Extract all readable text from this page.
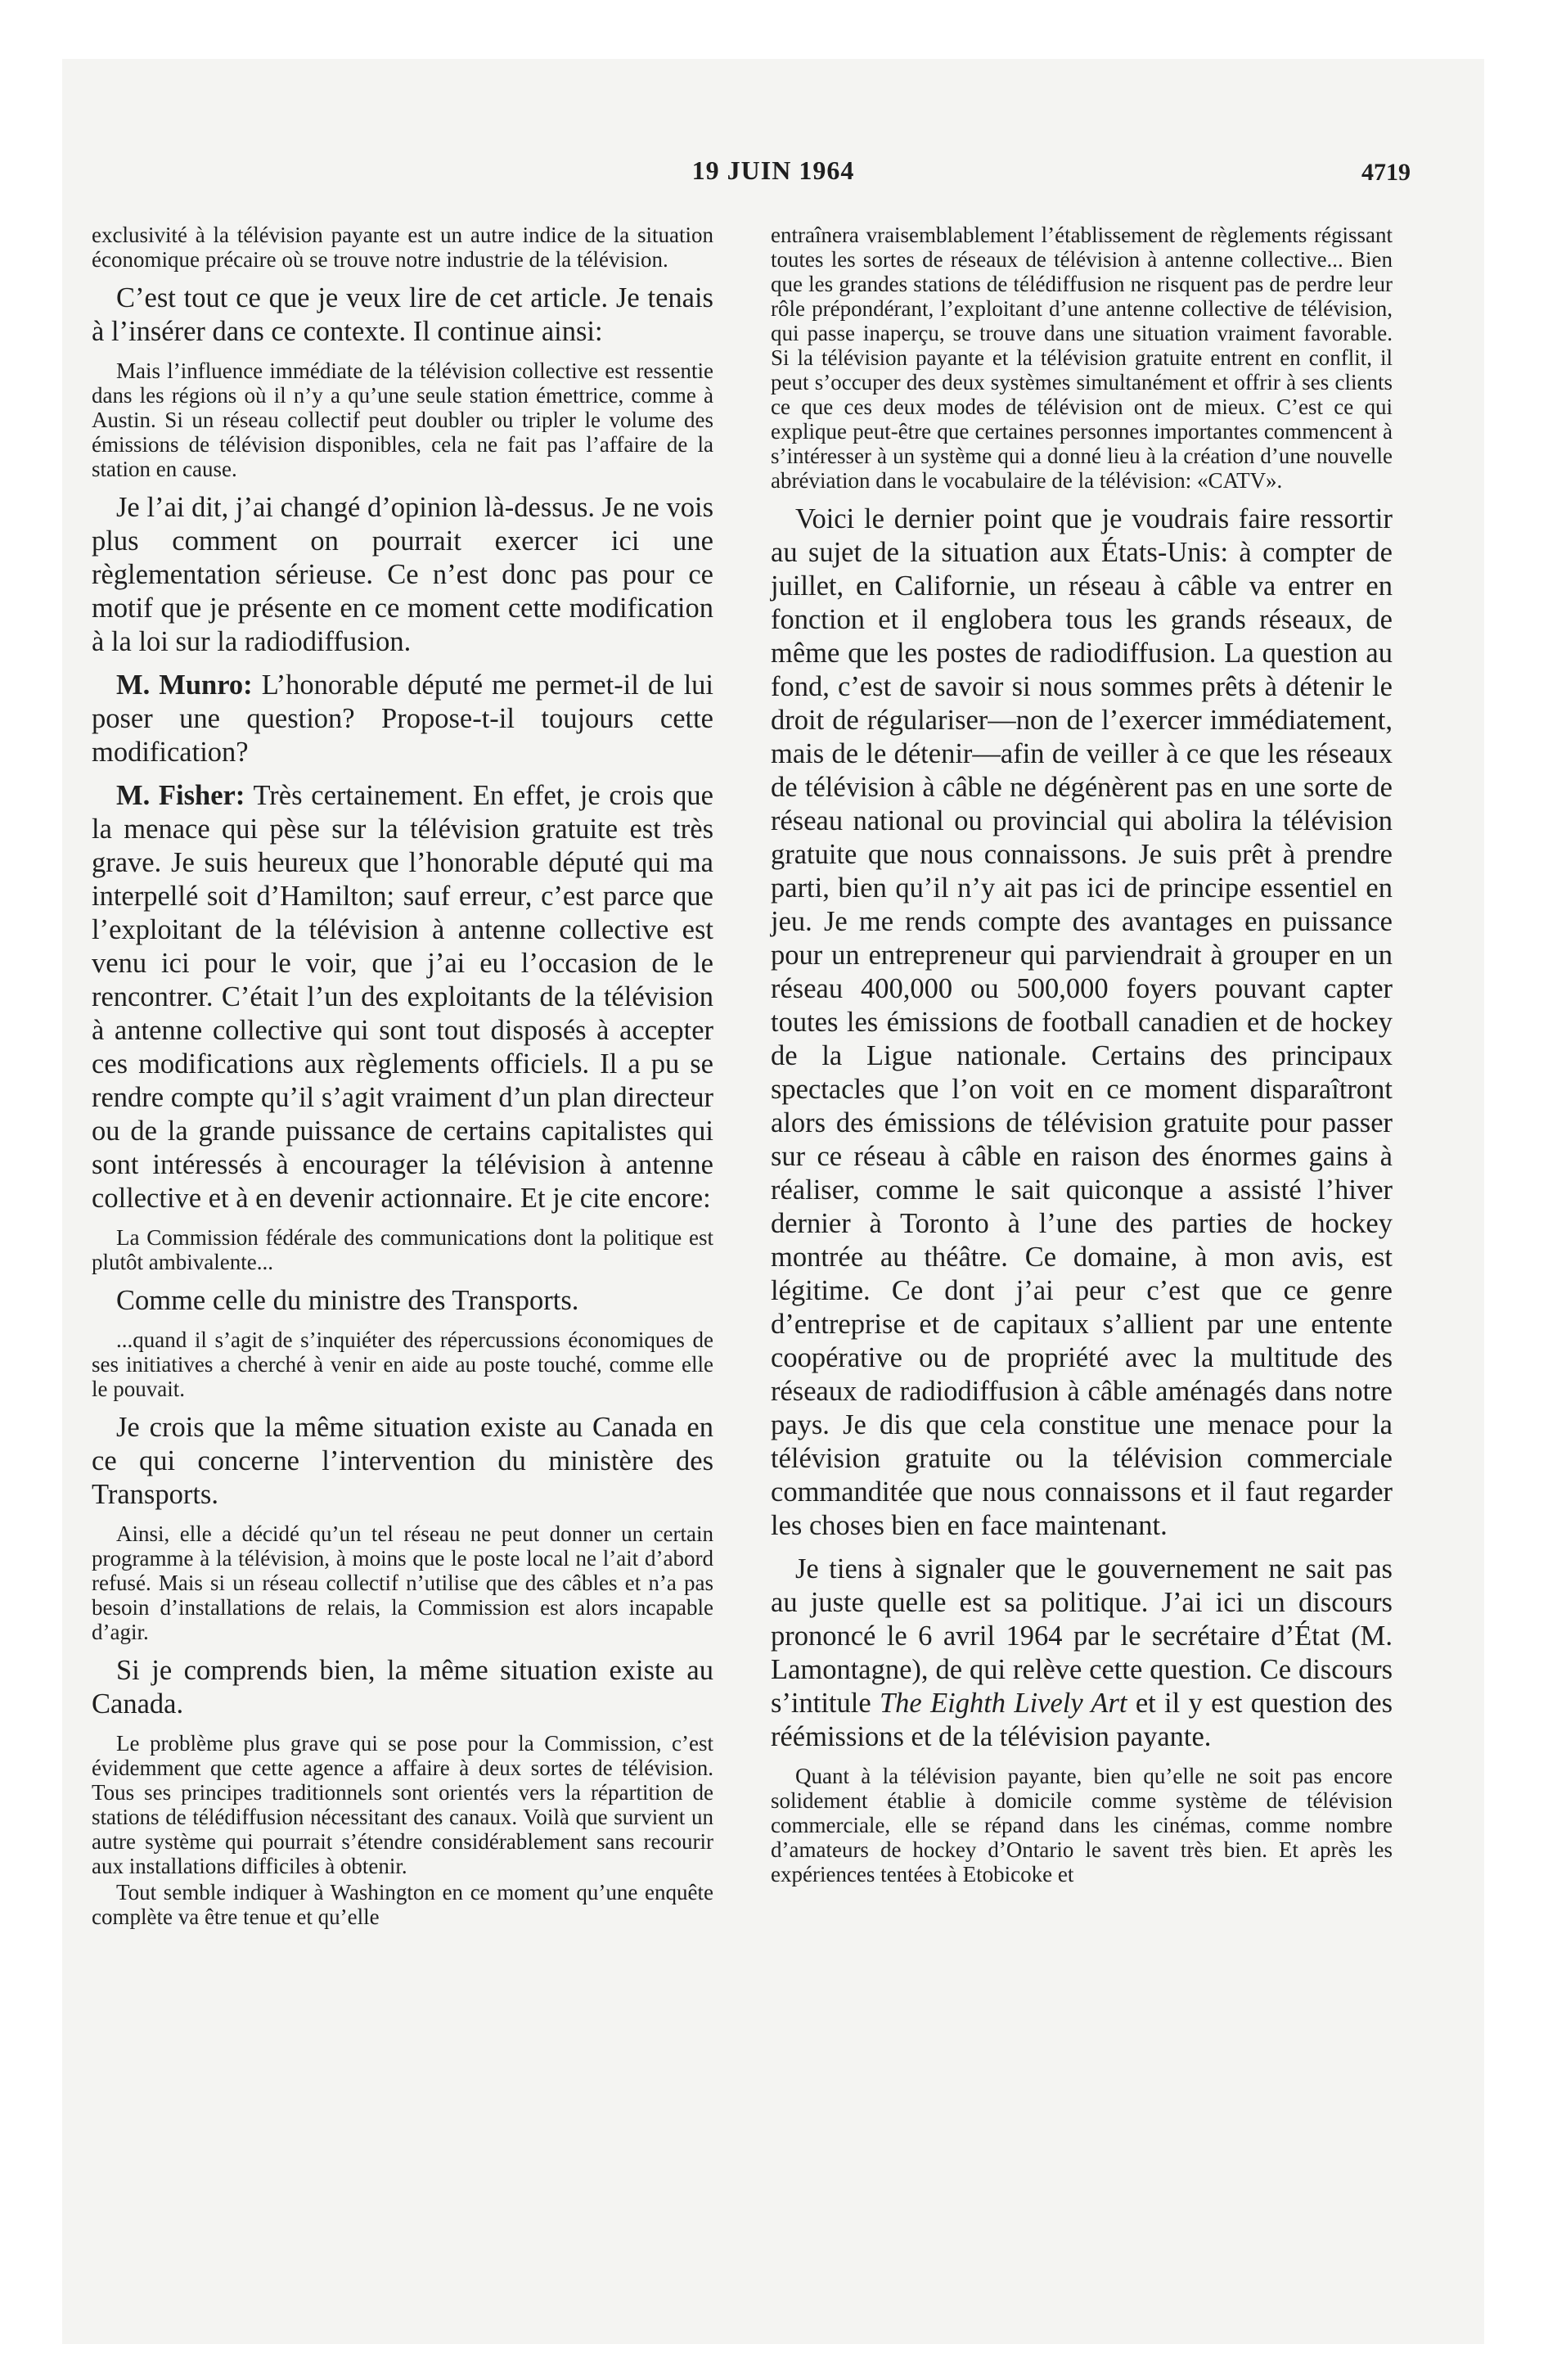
19 JUIN 1964	4719

exclusivité à la télévision payante est un autre indice de la situation économique précaire où se trouve notre industrie de la télévision.

C’est tout ce que je veux lire de cet article. Je tenais à l’insérer dans ce contexte. Il continue ainsi:

Mais l’influence immédiate de la télévision collective est ressentie dans les régions où il n’y a qu’une seule station émettrice, comme à Austin. Si un réseau collectif peut doubler ou tripler le volume des émissions de télévision disponibles, cela ne fait pas l’affaire de la station en cause.

Je l’ai dit, j’ai changé d’opinion là-dessus. Je ne vois plus comment on pourrait exercer ici une règlementation sérieuse. Ce n’est donc pas pour ce motif que je présente en ce moment cette modification à la loi sur la radiodiffusion.

M. Munro: L’honorable député me permet-il de lui poser une question? Propose-t-il toujours cette modification?

M. Fisher: Très certainement. En effet, je crois que la menace qui pèse sur la télévision gratuite est très grave. Je suis heureux que l’honorable député qui ma interpellé soit d’Hamilton; sauf erreur, c’est parce que l’exploitant de la télévision à antenne collective est venu ici pour le voir, que j’ai eu l’occasion de le rencontrer. C’était l’un des exploitants de la télévision à antenne collective qui sont tout disposés à accepter ces modifications aux règlements officiels. Il a pu se rendre compte qu’il s’agit vraiment d’un plan directeur ou de la grande puissance de certains capitalistes qui sont intéressés à encourager la télévision à antenne collective et à en devenir actionnaire. Et je cite encore:

La Commission fédérale des communications dont la politique est plutôt ambivalente...

Comme celle du ministre des Transports.

...quand il s’agit de s’inquiéter des répercussions économiques de ses initiatives a cherché à venir en aide au poste touché, comme elle le pouvait.

Je crois que la même situation existe au Canada en ce qui concerne l’intervention du ministère des Transports.

Ainsi, elle a décidé qu’un tel réseau ne peut donner un certain programme à la télévision, à moins que le poste local ne l’ait d’abord refusé. Mais si un réseau collectif n’utilise que des câbles et n’a pas besoin d’installations de relais, la Commission est alors incapable d’agir.

Si je comprends bien, la même situation existe au Canada.

Le problème plus grave qui se pose pour la Commission, c’est évidemment que cette agence a affaire à deux sortes de télévision. Tous ses principes traditionnels sont orientés vers la répartition de stations de télédiffusion nécessitant des canaux. Voilà que survient un autre système qui pourrait s’étendre considérablement sans recourir aux installations difficiles à obtenir.

Tout semble indiquer à Washington en ce moment qu’une enquête complète va être tenue et qu’elle

entraînera vraisemblablement l’établissement de règlements régissant toutes les sortes de réseaux de télévision à antenne collective... Bien que les grandes stations de télédiffusion ne risquent pas de perdre leur rôle prépondérant, l’exploitant d’une antenne collective de télévision, qui passe inaperçu, se trouve dans une situation vraiment favorable. Si la télévision payante et la télévision gratuite entrent en conflit, il peut s’occuper des deux systèmes simultanément et offrir à ses clients ce que ces deux modes de télévision ont de mieux. C’est ce qui explique peut-être que certaines personnes importantes commencent à s’intéresser à un système qui a donné lieu à la création d’une nouvelle abréviation dans le vocabulaire de la télévision: «CATV».

Voici le dernier point que je voudrais faire ressortir au sujet de la situation aux États-Unis: à compter de juillet, en Californie, un réseau à câble va entrer en fonction et il englobera tous les grands réseaux, de même que les postes de radiodiffusion. La question au fond, c’est de savoir si nous sommes prêts à détenir le droit de régulariser—non de l’exercer immédiatement, mais de le détenir—afin de veiller à ce que les réseaux de télévision à câble ne dégénèrent pas en une sorte de réseau national ou provincial qui abolira la télévision gratuite que nous connaissons. Je suis prêt à prendre parti, bien qu’il n’y ait pas ici de principe essentiel en jeu. Je me rends compte des avantages en puissance pour un entrepreneur qui parviendrait à grouper en un réseau 400,000 ou 500,000 foyers pouvant capter toutes les émissions de football canadien et de hockey de la Ligue nationale. Certains des principaux spectacles que l’on voit en ce moment disparaîtront alors des émissions de télévision gratuite pour passer sur ce réseau à câble en raison des énormes gains à réaliser, comme le sait quiconque a assisté l’hiver dernier à Toronto à l’une des parties de hockey montrée au théâtre. Ce domaine, à mon avis, est légitime. Ce dont j’ai peur c’est que ce genre d’entreprise et de capitaux s’allient par une entente coopérative ou de propriété avec la multitude des réseaux de radiodiffusion à câble aménagés dans notre pays. Je dis que cela constitue une menace pour la télévision gratuite ou la télévision commerciale commanditée que nous connaissons et il faut regarder les choses bien en face maintenant.

Je tiens à signaler que le gouvernement ne sait pas au juste quelle est sa politique. J’ai ici un discours prononcé le 6 avril 1964 par le secrétaire d’État (M. Lamontagne), de qui relève cette question. Ce discours s’intitule The Eighth Lively Art et il y est question des réémissions et de la télévision payante.

Quant à la télévision payante, bien qu’elle ne soit pas encore solidement établie à domicile comme système de télévision commerciale, elle se répand dans les cinémas, comme nombre d’amateurs de hockey d’Ontario le savent très bien. Et après les expériences tentées à Etobicoke et
